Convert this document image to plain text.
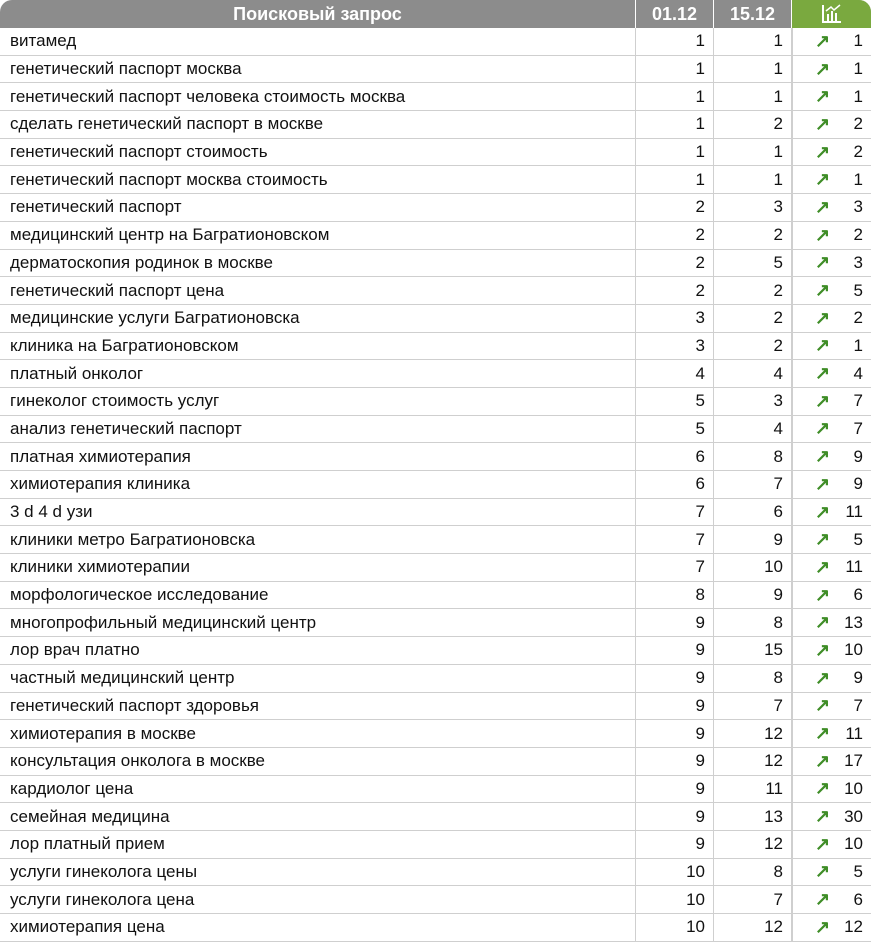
Поисковый запрос	01.12	15.12
витамед	1	1	↗ 1
генетический паспорт москва	1	1	↗ 1
генетический паспорт человека стоимость москва	1	1	↗ 1
сделать генетический паспорт в москве	1	2	↗ 2
генетический паспорт стоимость	1	1	↗ 2
генетический паспорт москва стоимость	1	1	↗ 1
генетический паспорт	2	3	↗ 3
медицинский центр на Багратионовском	2	2	↗ 2
дерматоскопия родинок в москве	2	5	↗ 3
генетический паспорт цена	2	2	↗ 5
медицинские услуги Багратионовска	3	2	↗ 2
клиника на Багратионовском	3	2	↗ 1
платный онколог	4	4	↗ 4
гинеколог стоимость услуг	5	3	↗ 7
анализ генетический паспорт	5	4	↗ 7
платная химиотерапия	6	8	↗ 9
химиотерапия клиника	6	7	↗ 9
3 d 4 d узи	7	6	↗ 11
клиники метро Багратионовска	7	9	↗ 5
клиники химиотерапии	7	10	↗ 11
морфологическое исследование	8	9	↗ 6
многопрофильный медицинский центр	9	8	↗ 13
лор врач платно	9	15	↗ 10
частный медицинский центр	9	8	↗ 9
генетический паспорт здоровья	9	7	↗ 7
химиотерапия в москве	9	12	↗ 11
консультация онколога в москве	9	12	↗ 17
кардиолог цена	9	11	↗ 10
семейная медицина	9	13	↗ 30
лор платный прием	9	12	↗ 10
услуги гинеколога цены	10	8	↗ 5
услуги гинеколога цена	10	7	↗ 6
химиотерапия цена	10	12	↗ 12
